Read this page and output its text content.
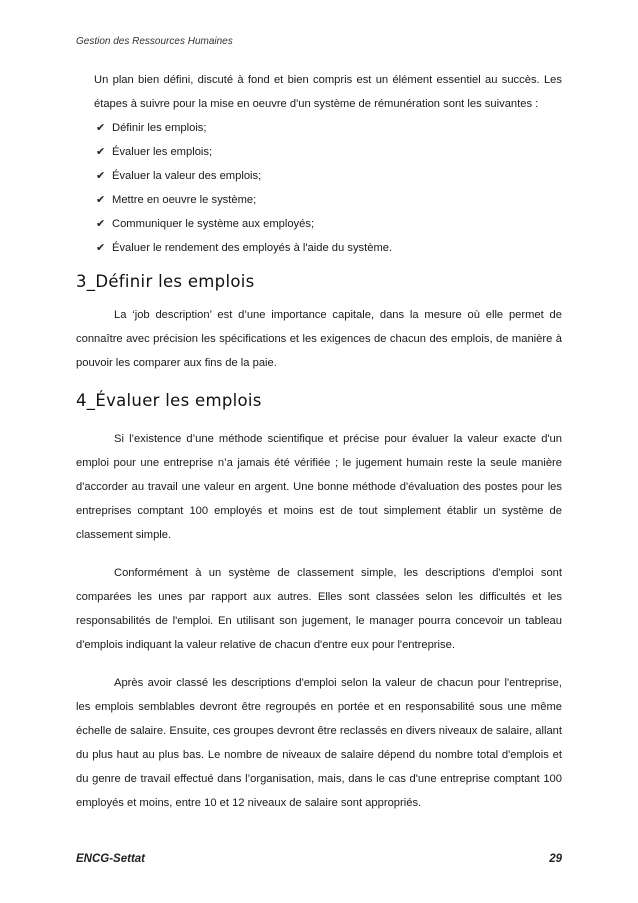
Gestion des Ressources Humaines

Un plan bien défini, discuté à fond et bien compris est un élément essentiel au succès. Les étapes à suivre pour la mise en oeuvre d'un système de rémunération sont les suivantes :

✔ Définir les emplois;
✔ Évaluer les emplois;
✔ Évaluer la valeur des emplois;
✔ Mettre en oeuvre le système;
✔ Communiquer le système aux employés;
✔ Évaluer le rendement des employés à l'aide du système.
3_Définir les emplois

La ‘job description’ est d’une importance capitale, dans la mesure où elle permet de connaître avec précision les spécifications et les exigences de chacun des emplois, de manière à pouvoir les comparer aux fins de la paie.

4_Évaluer les emplois

Si l’existence d’une méthode scientifique et précise pour évaluer la valeur exacte d'un emploi pour une entreprise n’a jamais été vérifiée ; le jugement humain reste la seule manière d'accorder au travail une valeur en argent. Une bonne méthode d'évaluation des postes pour les entreprises comptant 100 employés et moins est de tout simplement établir un système de classement simple.

Conformément à un système de classement simple, les descriptions d'emploi sont comparées les unes par rapport aux autres. Elles sont classées selon les difficultés et les responsabilités de l'emploi. En utilisant son jugement, le manager pourra concevoir un tableau d'emplois indiquant la valeur relative de chacun d'entre eux pour l'entreprise.

Après avoir classé les descriptions d'emploi selon la valeur de chacun pour l'entreprise, les emplois semblables devront être regroupés en portée et en responsabilité sous une même échelle de salaire. Ensuite, ces groupes devront être reclassés en divers niveaux de salaire, allant du plus haut au plus bas. Le nombre de niveaux de salaire dépend du nombre total d'emplois et du genre de travail effectué dans l’organisation, mais, dans le cas d'une entreprise comptant 100 employés et moins, entre 10 et 12 niveaux de salaire sont appropriés.

ENCG-Settat	29
